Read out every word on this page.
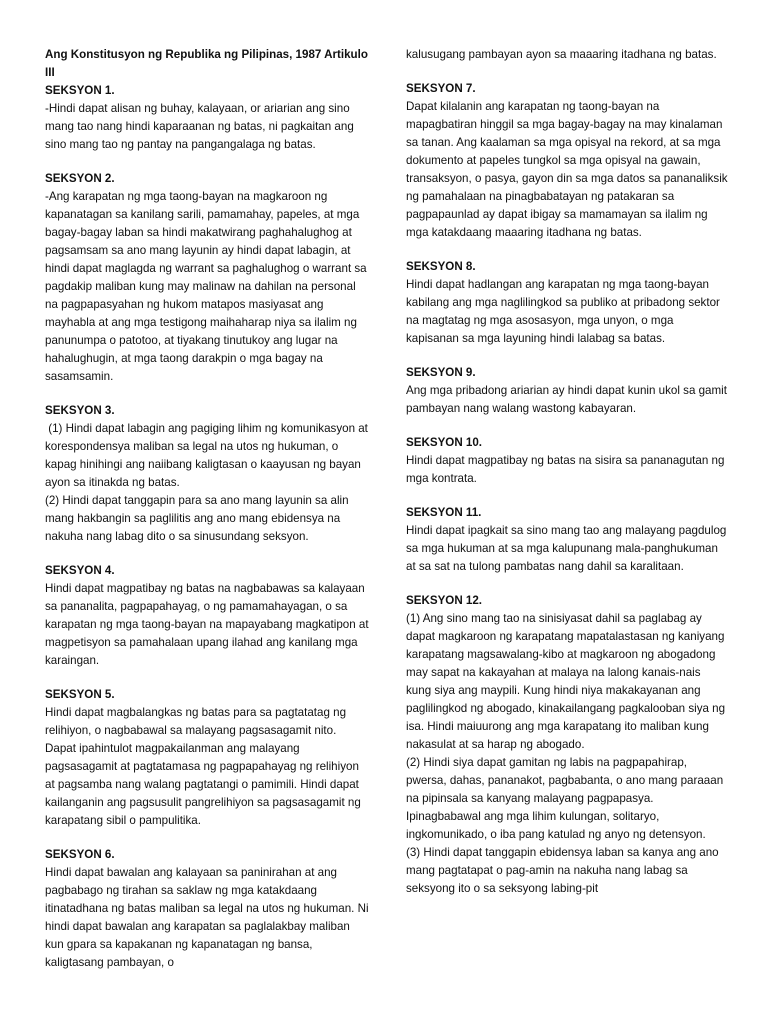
Ang Konstitusyon ng Republika ng Pilipinas, 1987 Artikulo III

SEKSYON 1.

-Hindi dapat alisan ng buhay, kalayaan, or ariarian ang sino mang tao nang hindi kaparaanan ng batas, ni pagkaitan ang sino mang tao ng pantay na pangangalaga ng batas.

SEKSYON 2.

-Ang karapatan ng mga taong-bayan na magkaroon ng kapanatagan sa kanilang sarili, pamamahay, papeles, at mga bagay-bagay laban sa hindi makatwirang paghahalughog at pagsamsam sa ano mang layunin ay hindi dapat labagin, at hindi dapat maglagda ng warrant sa paghalughog o warrant sa pagdakip maliban kung may malinaw na dahilan na personal na pagpapasyahan ng hukom matapos masiyasat ang mayhabla at ang mga testigong maihaharap niya sa ilalim ng panunumpa o patotoo, at tiyakang tinutukoy ang lugar na hahalughugin, at mga taong darakpin o mga bagay na sasamsamin.

SEKSYON 3.

(1) Hindi dapat labagin ang pagiging lihim ng komunikasyon at korespondensya maliban sa legal na utos ng hukuman, o kapag hinihingi ang naiibang kaligtasan o kaayusan ng bayan ayon sa itinakda ng batas.

(2) Hindi dapat tanggapin para sa ano mang layunin sa alin mang hakbangin sa paglilitis ang ano mang ebidensya na nakuha nang labag dito o sa sinusundang seksyon.

SEKSYON 4.

Hindi dapat magpatibay ng batas na nagbabawas sa kalayaan sa pananalita, pagpapahayag, o ng pamamahayagan, o sa karapatan ng mga taong-bayan na mapayabang magkatipon at magpetisyon sa pamahalaan upang ilahad ang kanilang mga karaingan.

SEKSYON 5.

Hindi dapat magbalangkas ng batas para sa pagtatatag ng relihiyon, o nagbabawal sa malayang pagsasagamit nito. Dapat ipahintulot magpakailanman ang malayang pagsasagamit at pagtatamasa ng pagpapahayag ng relihiyon at pagsamba nang walang pagtatangi o pamimili. Hindi dapat kailanganin ang pagsusulit pangrelihiyon sa pagsasagamit ng karapatang sibil o pampulitika.

SEKSYON 6.

Hindi dapat bawalan ang kalayaan sa paninirahan at ang pagbabago ng tirahan sa saklaw ng mga katakdaang itinatadhana ng batas maliban sa legal na utos ng hukuman. Ni hindi dapat bawalan ang karapatan sa paglalakbay maliban kun gpara sa kapakanan ng kapanatagan ng bansa, kaligtasang pambayan, o

kalusugang pambayan ayon sa maaaring itadhana ng batas.

SEKSYON 7.

Dapat kilalanin ang karapatan ng taong-bayan na mapagbatiran hinggil sa mga bagay-bagay na may kinalaman sa tanan. Ang kaalaman sa mga opisyal na rekord, at sa mga dokumento at papeles tungkol sa mga opisyal na gawain, transaksyon, o pasya, gayon din sa mga datos sa pananaliksik ng pamahalaan na pinagbabatayan ng patakaran sa pagpapaunlad ay dapat ibigay sa mamamayan sa ilalim ng mga katakdaang maaaring itadhana ng batas.

SEKSYON 8.

Hindi dapat hadlangan ang karapatan ng mga taong-bayan kabilang ang mga naglilingkod sa publiko at pribadong sektor na magtatag ng mga asosasyon, mga unyon, o mga kapisanan sa mga layuning hindi lalabag sa batas.

SEKSYON 9.

Ang mga pribadong ariarian ay hindi dapat kunin ukol sa gamit pambayan nang walang wastong kabayaran.

SEKSYON 10.

Hindi dapat magpatibay ng batas na sisira sa pananagutan ng mga kontrata.

SEKSYON 11.

Hindi dapat ipagkait sa sino mang tao ang malayang pagdulog sa mga hukuman at sa mga kalupunang mala-panghukuman at sa sat na tulong pambatas nang dahil sa karalitaan.

SEKSYON 12.

(1) Ang sino mang tao na sinisiyasat dahil sa paglabag ay dapat magkaroon ng karapatang mapatalastasan ng kaniyang karapatang magsawalang-kibo at magkaroon ng abogadong may sapat na kakayahan at malaya na lalong kanais-nais kung siya ang maypili. Kung hindi niya makakayanan ang paglilingkod ng abogado, kinakailangang pagkalooban siya ng isa. Hindi maiuurong ang mga karapatang ito maliban kung nakasulat at sa harap ng abogado.

(2) Hindi siya dapat gamitan ng labis na pagpapahirap, pwersa, dahas, pananakot, pagbabanta, o ano mang paraaan na pipinsala sa kanyang malayang pagpapasya. Ipinagbabawal ang mga lihim kulungan, solitaryo, ingkomunikado, o iba pang katulad ng anyo ng detensyon.

(3) Hindi dapat tanggapin ebidensya laban sa kanya ang ano mang pagtatapat o pag-amin na nakuha nang labag sa seksyong ito o sa seksyong labing-pit
